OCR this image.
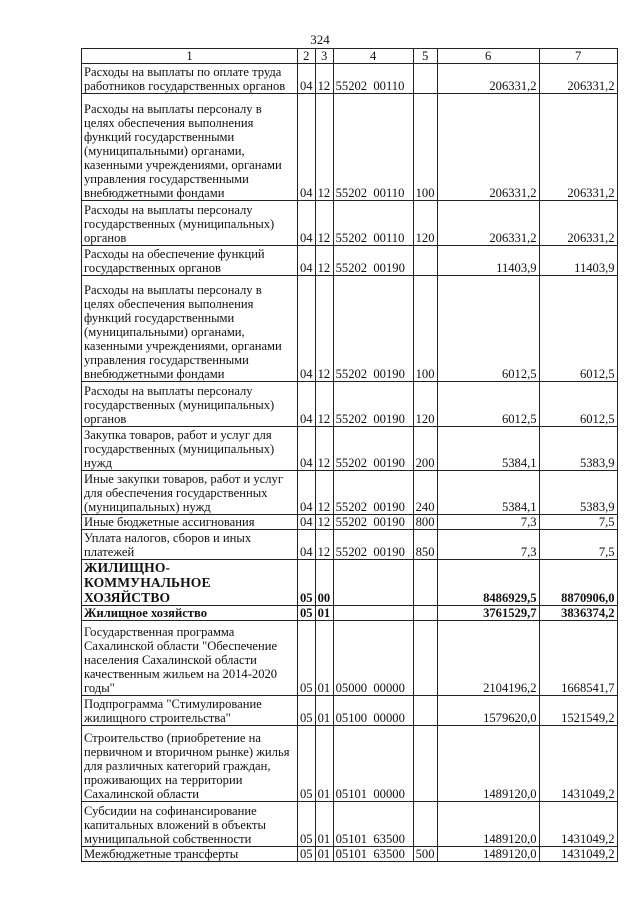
324
1	2	3	4	5	6	7
Расходы на выплаты по оплате труда работников государственных органов	04	12	55202  00110		206331,2	206331,2
Расходы на выплаты персоналу в целях обеспечения выполнения функций государственными (муниципальными) органами, казенными учреждениями, органами управления государственными внебюджетными фондами	04	12	55202  00110	100	206331,2	206331,2
Расходы на выплаты персоналу государственных (муниципальных) органов	04	12	55202  00110	120	206331,2	206331,2
Расходы на обеспечение функций государственных органов	04	12	55202  00190		11403,9	11403,9
Расходы на выплаты персоналу в целях обеспечения выполнения функций государственными (муниципальными) органами, казенными учреждениями, органами управления государственными внебюджетными фондами	04	12	55202  00190	100	6012,5	6012,5
Расходы на выплаты персоналу государственных (муниципальных) органов	04	12	55202  00190	120	6012,5	6012,5
Закупка товаров, работ и услуг для государственных (муниципальных) нужд	04	12	55202  00190	200	5384,1	5383,9
Иные закупки товаров, работ и услуг для обеспечения государственных (муниципальных) нужд	04	12	55202  00190	240	5384,1	5383,9
Иные бюджетные ассигнования	04	12	55202  00190	800	7,3	7,5
Уплата налогов, сборов и иных платежей	04	12	55202  00190	850	7,3	7,5
ЖИЛИЩНО-КОММУНАЛЬНОЕ ХОЗЯЙСТВО	05	00			8486929,5	8870906,0
Жилищное хозяйство	05	01			3761529,7	3836374,2
Государственная программа Сахалинской области "Обеспечение населения Сахалинской области качественным жильем на 2014-2020 годы"	05	01	05000  00000		2104196,2	1668541,7
Подпрограмма "Стимулирование жилищного строительства"	05	01	05100  00000		1579620,0	1521549,2
Строительство (приобретение на первичном и вторичном рынке) жилья для различных категорий граждан, проживающих на территории Сахалинской области	05	01	05101  00000		1489120,0	1431049,2
Субсидии на софинансирование капитальных вложений в объекты муниципальной собственности	05	01	05101  63500		1489120,0	1431049,2
Межбюджетные трансферты	05	01	05101  63500	500	1489120,0	1431049,2
